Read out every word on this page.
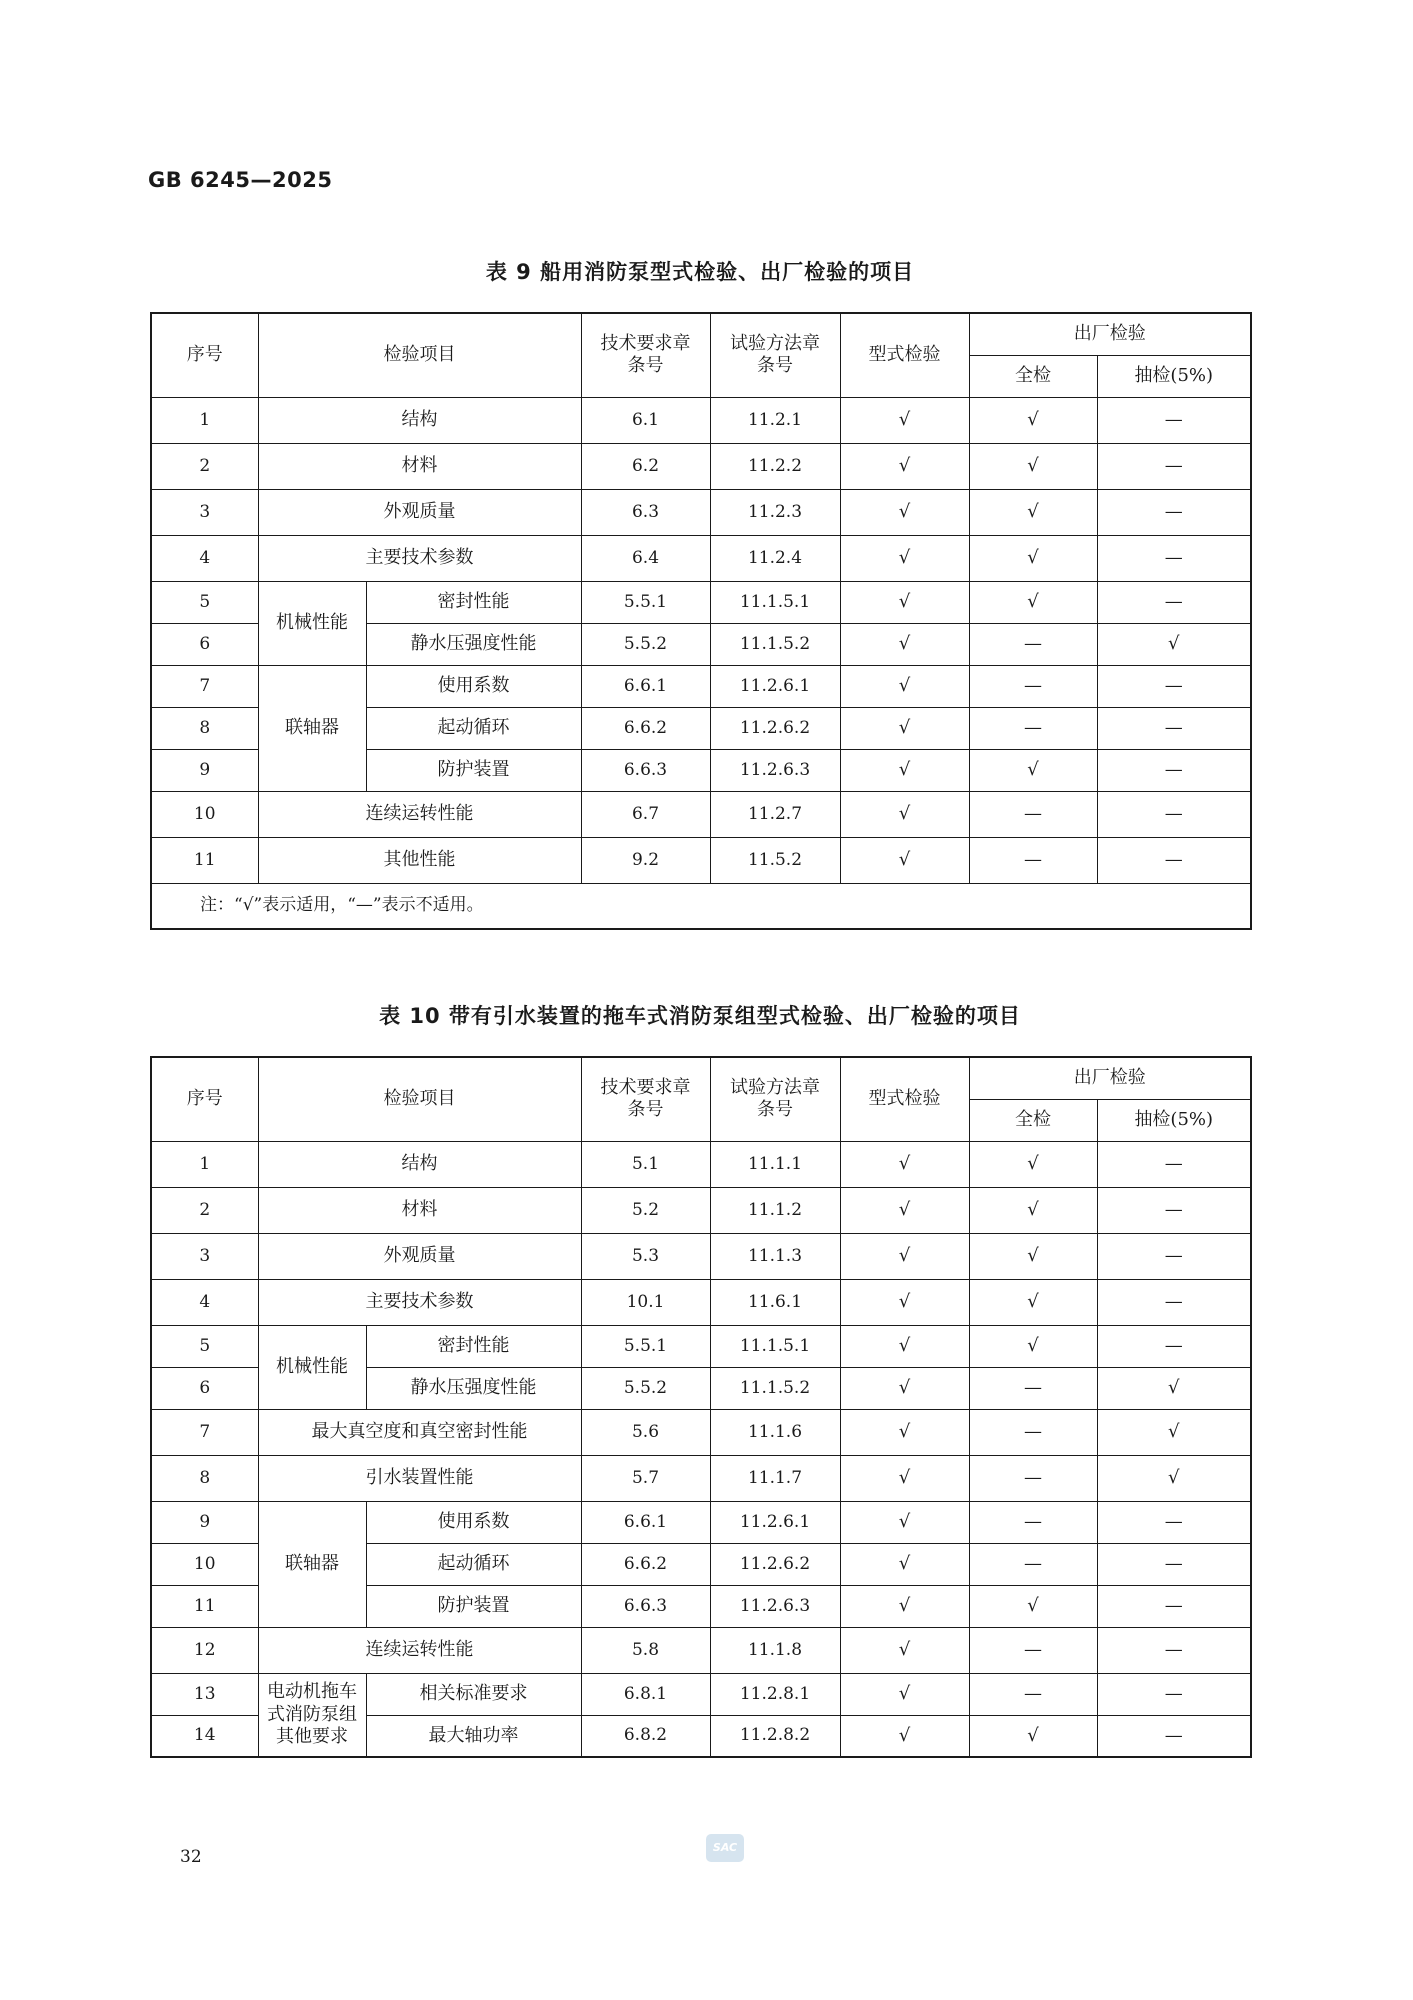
GB 6245—2025
表 9 船用消防泵型式检验、出厂检验的项目
序号	检验项目		技术要求章条号	试验方法章条号	型式检验	出厂检验	
						全检	抽检(5%)
1	结构		6.1	11.2.1	√	√	—
2	材料		6.2	11.2.2	√	√	—
3	外观质量		6.3	11.2.3	√	√	—
4	主要技术参数		6.4	11.2.4	√	√	—
5	机械性能	密封性能	5.5.1	11.1.5.1	√	√	—
6		静水压强度性能	5.5.2	11.1.5.2	√	—	√
7	联轴器	使用系数	6.6.1	11.2.6.1	√	—	—
8		起动循环	6.6.2	11.2.6.2	√	—	—
9		防护装置	6.6.3	11.2.6.3	√	√	—
10	连续运转性能		6.7	11.2.7	√	—	—
11	其他性能		9.2	11.5.2	√	—	—
注：“√”表示适用，“—”表示不适用。							
表 10 带有引水装置的拖车式消防泵组型式检验、出厂检验的项目
序号	检验项目		技术要求章条号	试验方法章条号	型式检验	出厂检验	
						全检	抽检(5%)
1	结构		5.1	11.1.1	√	√	—
2	材料		5.2	11.1.2	√	√	—
3	外观质量		5.3	11.1.3	√	√	—
4	主要技术参数		10.1	11.6.1	√	√	—
5	机械性能	密封性能	5.5.1	11.1.5.1	√	√	—
6		静水压强度性能	5.5.2	11.1.5.2	√	—	√
7	最大真空度和真空密封性能		5.6	11.1.6	√	—	√
8	引水装置性能		5.7	11.1.7	√	—	√
9	联轴器	使用系数	6.6.1	11.2.6.1	√	—	—
10		起动循环	6.6.2	11.2.6.2	√	—	—
11		防护装置	6.6.3	11.2.6.3	√	√	—
12	连续运转性能		5.8	11.1.8	√	—	—
13	电动机拖车式消防泵组其他要求	相关标准要求	6.8.1	11.2.8.1	√	—	—
14		最大轴功率	6.8.2	11.2.8.2	√	√	—
32	SAC
